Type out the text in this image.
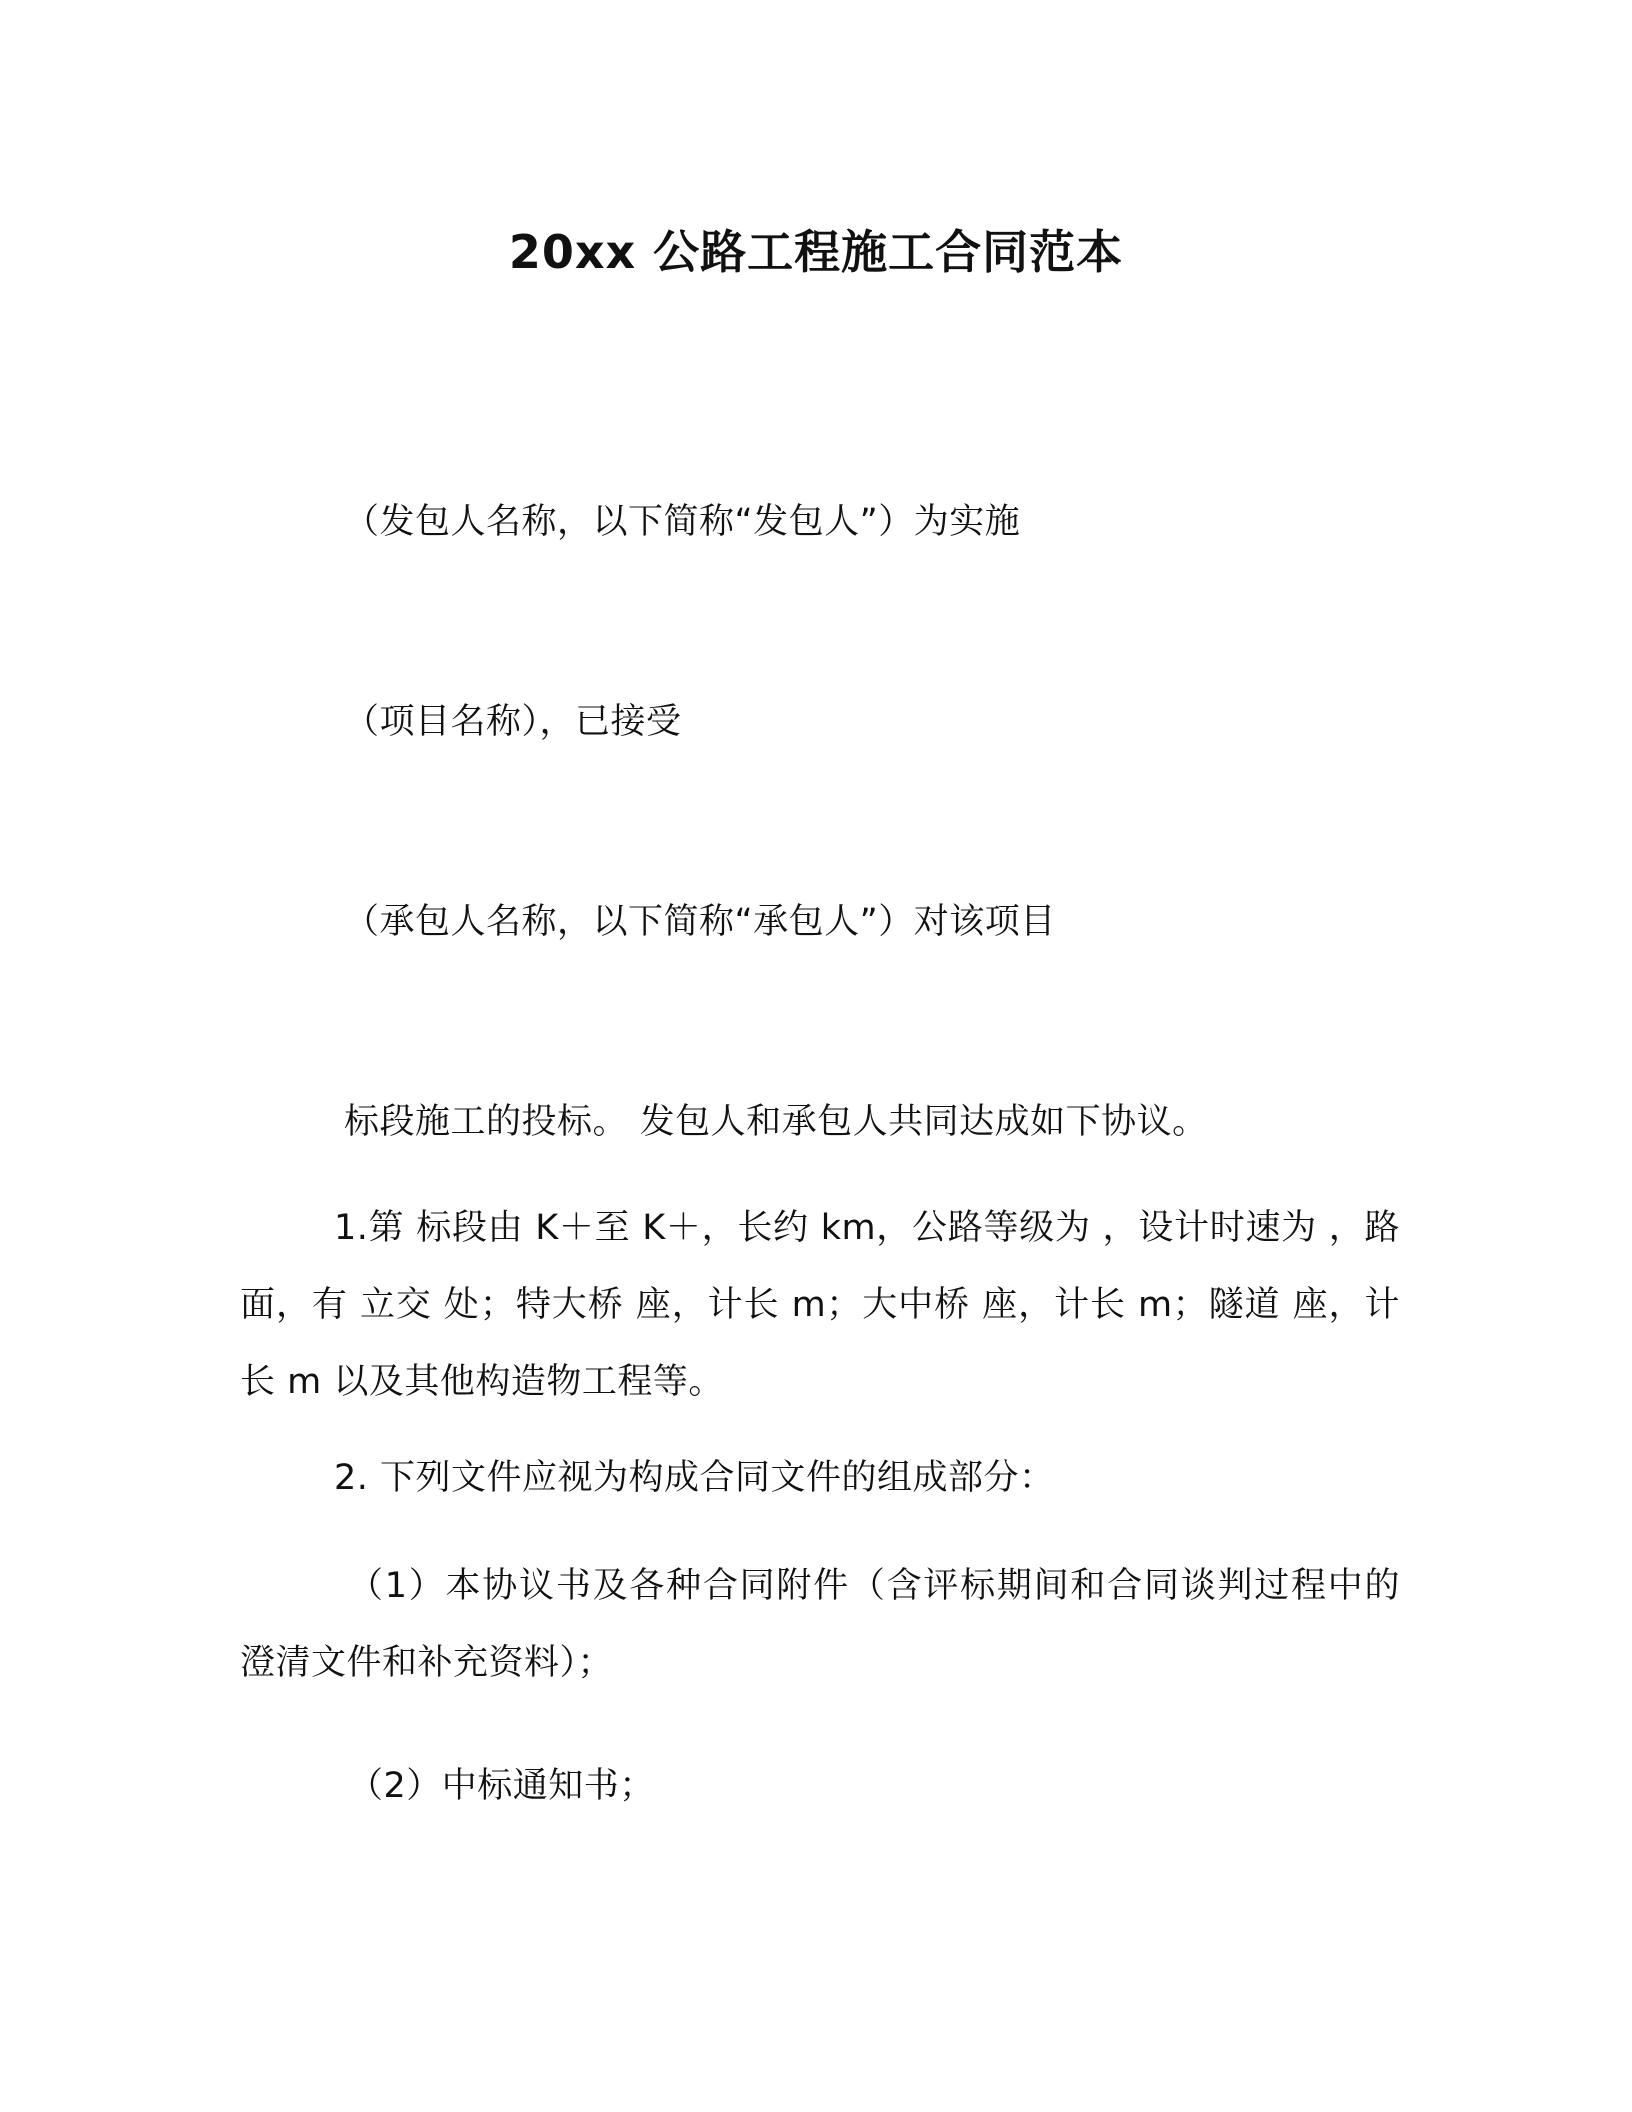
20xx 公路工程施工合同范本

（发包人名称，以下简称“发包人”）为实施

（项目名称），已接受

（承包人名称，以下简称“承包人”）对该项目

标段施工的投标。 发包人和承包人共同达成如下协议。

1.第 标段由 K＋至 K＋，长约 km，公路等级为 ，设计时速为 ，路面，有 立交 处；特大桥 座，计长 m；大中桥 座，计长 m；隧道 座，计长 m 以及其他构造物工程等。

2. 下列文件应视为构成合同文件的组成部分：

（1）本协议书及各种合同附件（含评标期间和合同谈判过程中的澄清文件和补充资料）；

（2）中标通知书；
